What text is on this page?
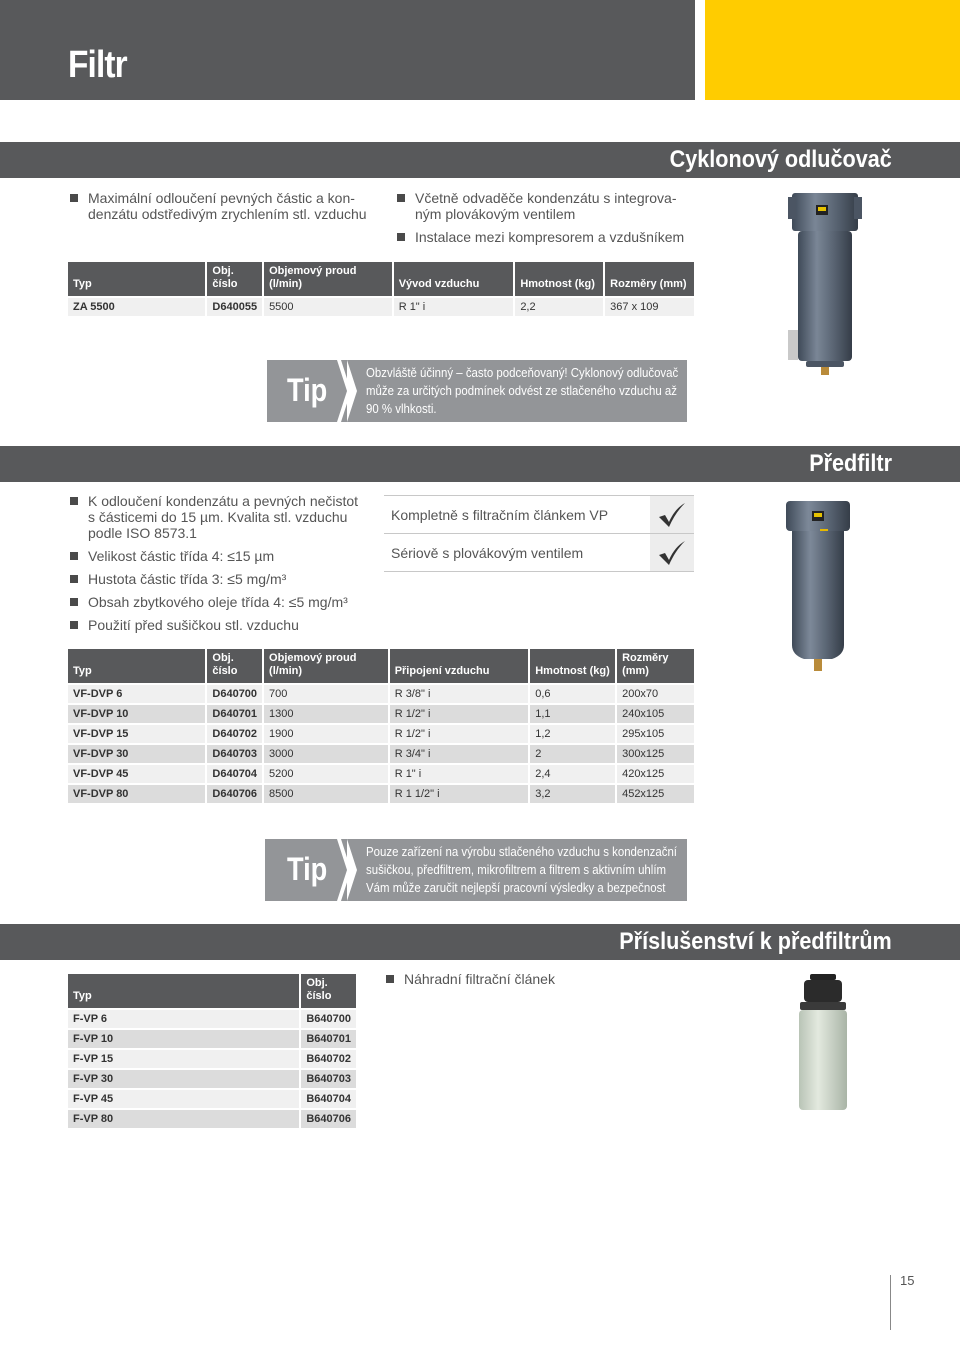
Filtr
Cyklonový odlučovač
Maximální odloučení pevných částic a kon-denzátu odstředivým zrychlením stl. vzduchu
Včetně odvaděče kondenzátu s integrova-ným plovákovým ventilem
Instalace mezi kompresorem a vzdušníkem
Typ	Obj. číslo	Objemový proud (l/min)	Vývod vzduchu	Hmotnost (kg)	Rozměry (mm)
ZA 5500	D640055	5500	R 1" i	2,2	367 x 109
Tip	Obzvláště účinný – často podceňovaný! Cyklonový odlučovač může za určitých podmínek odvést ze stlačeného vzduchu až 90 % vlhkosti.
Předfiltr
K odloučení kondenzátu a pevných nečistot s částicemi do 15 µm. Kvalita stl. vzduchu podle ISO 8573.1
Velikost částic třída 4: ≤15 µm
Hustota částic třída 3: ≤5 mg/m³
Obsah zbytkového oleje třída 4: ≤5 mg/m³
Použití před sušičkou stl. vzduchu
Kompletně s filtračním článkem VP
Sériově s plovákovým ventilem
Typ	Obj. číslo	Objemový proud (l/min)	Připojení vzduchu	Hmotnost (kg)	Rozměry (mm)
VF-DVP 6	D640700	700	R 3/8" i	0,6	200x70
VF-DVP 10	D640701	1300	R 1/2" i	1,1	240x105
VF-DVP 15	D640702	1900	R 1/2" i	1,2	295x105
VF-DVP 30	D640703	3000	R 3/4" i	2	300x125
VF-DVP 45	D640704	5200	R 1" i	2,4	420x125
VF-DVP 80	D640706	8500	R 1 1/2" i	3,2	452x125
Tip	Pouze zařízení na výrobu stlačeného vzduchu s kondenzační sušičkou, předfiltrem, mikrofiltrem a filtrem s aktivním uhlím Vám může zaručit nejlepší pracovní výsledky a bezpečnost provozu.
Příslušenství k předfiltrům
Náhradní filtrační článek
Typ	Obj. číslo
F-VP 6	B640700
F-VP 10	B640701
F-VP 15	B640702
F-VP 30	B640703
F-VP 45	B640704
F-VP 80	B640706
15
